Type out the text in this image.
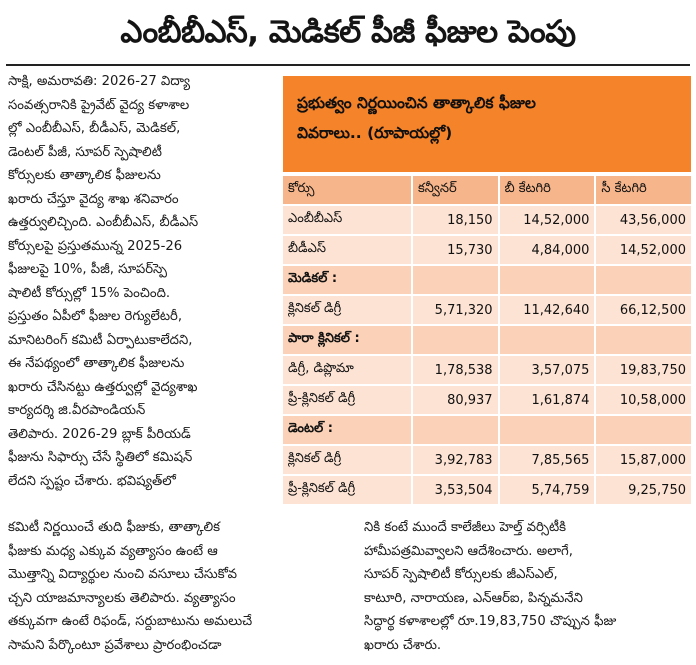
ఎంబీబీఎస్, మెడికల్ పీజీ ఫీజుల పెంపు
సాక్షి, అమరావతి: 2026-27 విద్యా
సంవత్సరానికి ప్రైవేట్ వైద్య కళాశాల
ల్లో ఎంబీబీఎస్, బీడీఎస్, మెడికల్,
డెంటల్ పీజీ, సూపర్ స్పెషాలిటీ
కోర్సులకు తాత్కాలిక ఫీజులను
ఖరారు చేస్తూ వైద్య శాఖ శనివారం
ఉత్తర్వులిచ్చింది. ఎంబీబీఎస్, బీడీఎస్
కోర్సులపై ప్రస్తుతమున్న 2025-26
ఫీజులపై 10%, పీజీ, సూపర్‌స్పె
షాలిటీ కోర్సుల్లో 15% పెంచింది.
ప్రస్తుతం ఏపీలో ఫీజుల రెగ్యులేటరీ,
మానిటరింగ్ కమిటీ ఏర్పాటుకాలేదని,
ఈ నేపథ్యంలో తాత్కాలిక ఫీజులను
ఖరారు చేసినట్టు ఉత్తర్వుల్లో వైద్యశాఖ
కార్యదర్శి జి.వీరపాండియన్
తెలిపారు. 2026-29 బ్లాక్ పీరియడ్
ఫీజును సిఫార్సు చేసే స్థితిలో కమిషన్
లేదని స్పష్టం చేశారు. భవిష్యత్‌లో
ప్రభుత్వం నిర్ణయించిన తాత్కాలిక ఫీజుల
వివరాలు.. (రూపాయల్లో)
కోర్సు	కన్వీనర్	బీ కేటగిరి	సీ కేటగిరి
ఎంబీబీఎస్	18,150	14,52,000	43,56,000
బీడీఎస్	15,730	4,84,000	14,52,000
మెడికల్ :			
క్లినికల్ డిగ్రీ	5,71,320	11,42,640	66,12,500
పారా క్లినికల్ :			
డిగ్రీ, డిప్లొమా	1,78,538	3,57,075	19,83,750
ప్రీ-క్లినికల్ డిగ్రీ	80,937	1,61,874	10,58,000
డెంటల్ :			
క్లినికల్ డిగ్రీ	3,92,783	7,85,565	15,87,000
ప్రీ-క్లినికల్ డిగ్రీ	3,53,504	5,74,759	9,25,750
కమిటీ నిర్ణయించే తుది ఫీజుకు, తాత్కాలిక
ఫీజుకు మధ్య ఎక్కువ వ్యత్యాసం ఉంటే ఆ
మొత్తాన్ని విద్యార్థుల నుంచి వసూలు చేసుకోవ
చ్చని యాజమాన్యాలకు తెలిపారు. వ్యత్యాసం
తక్కువగా ఉంటే రిఫండ్, సర్దుబాటును అమలుచే
సామని పేర్కొంటూ ప్రవేశాలు ప్రారంభించడా
నికి కంటే ముందే కాలేజీలు హెల్త్ వర్సిటీకి
హామీపత్రమివ్వాలని ఆదేశించారు. అలాగే,
సూపర్ స్పెషాలిటీ కోర్సులకు జీఎస్‌ఎల్,
కాటూరి, నారాయణ, ఎన్‌ఆర్‌ఐ, పిన్నమనేని
సిద్ధార్థ కళాశాలల్లో రూ.19,83,750 చొప్పున ఫీజు
ఖరారు చేశారు.
